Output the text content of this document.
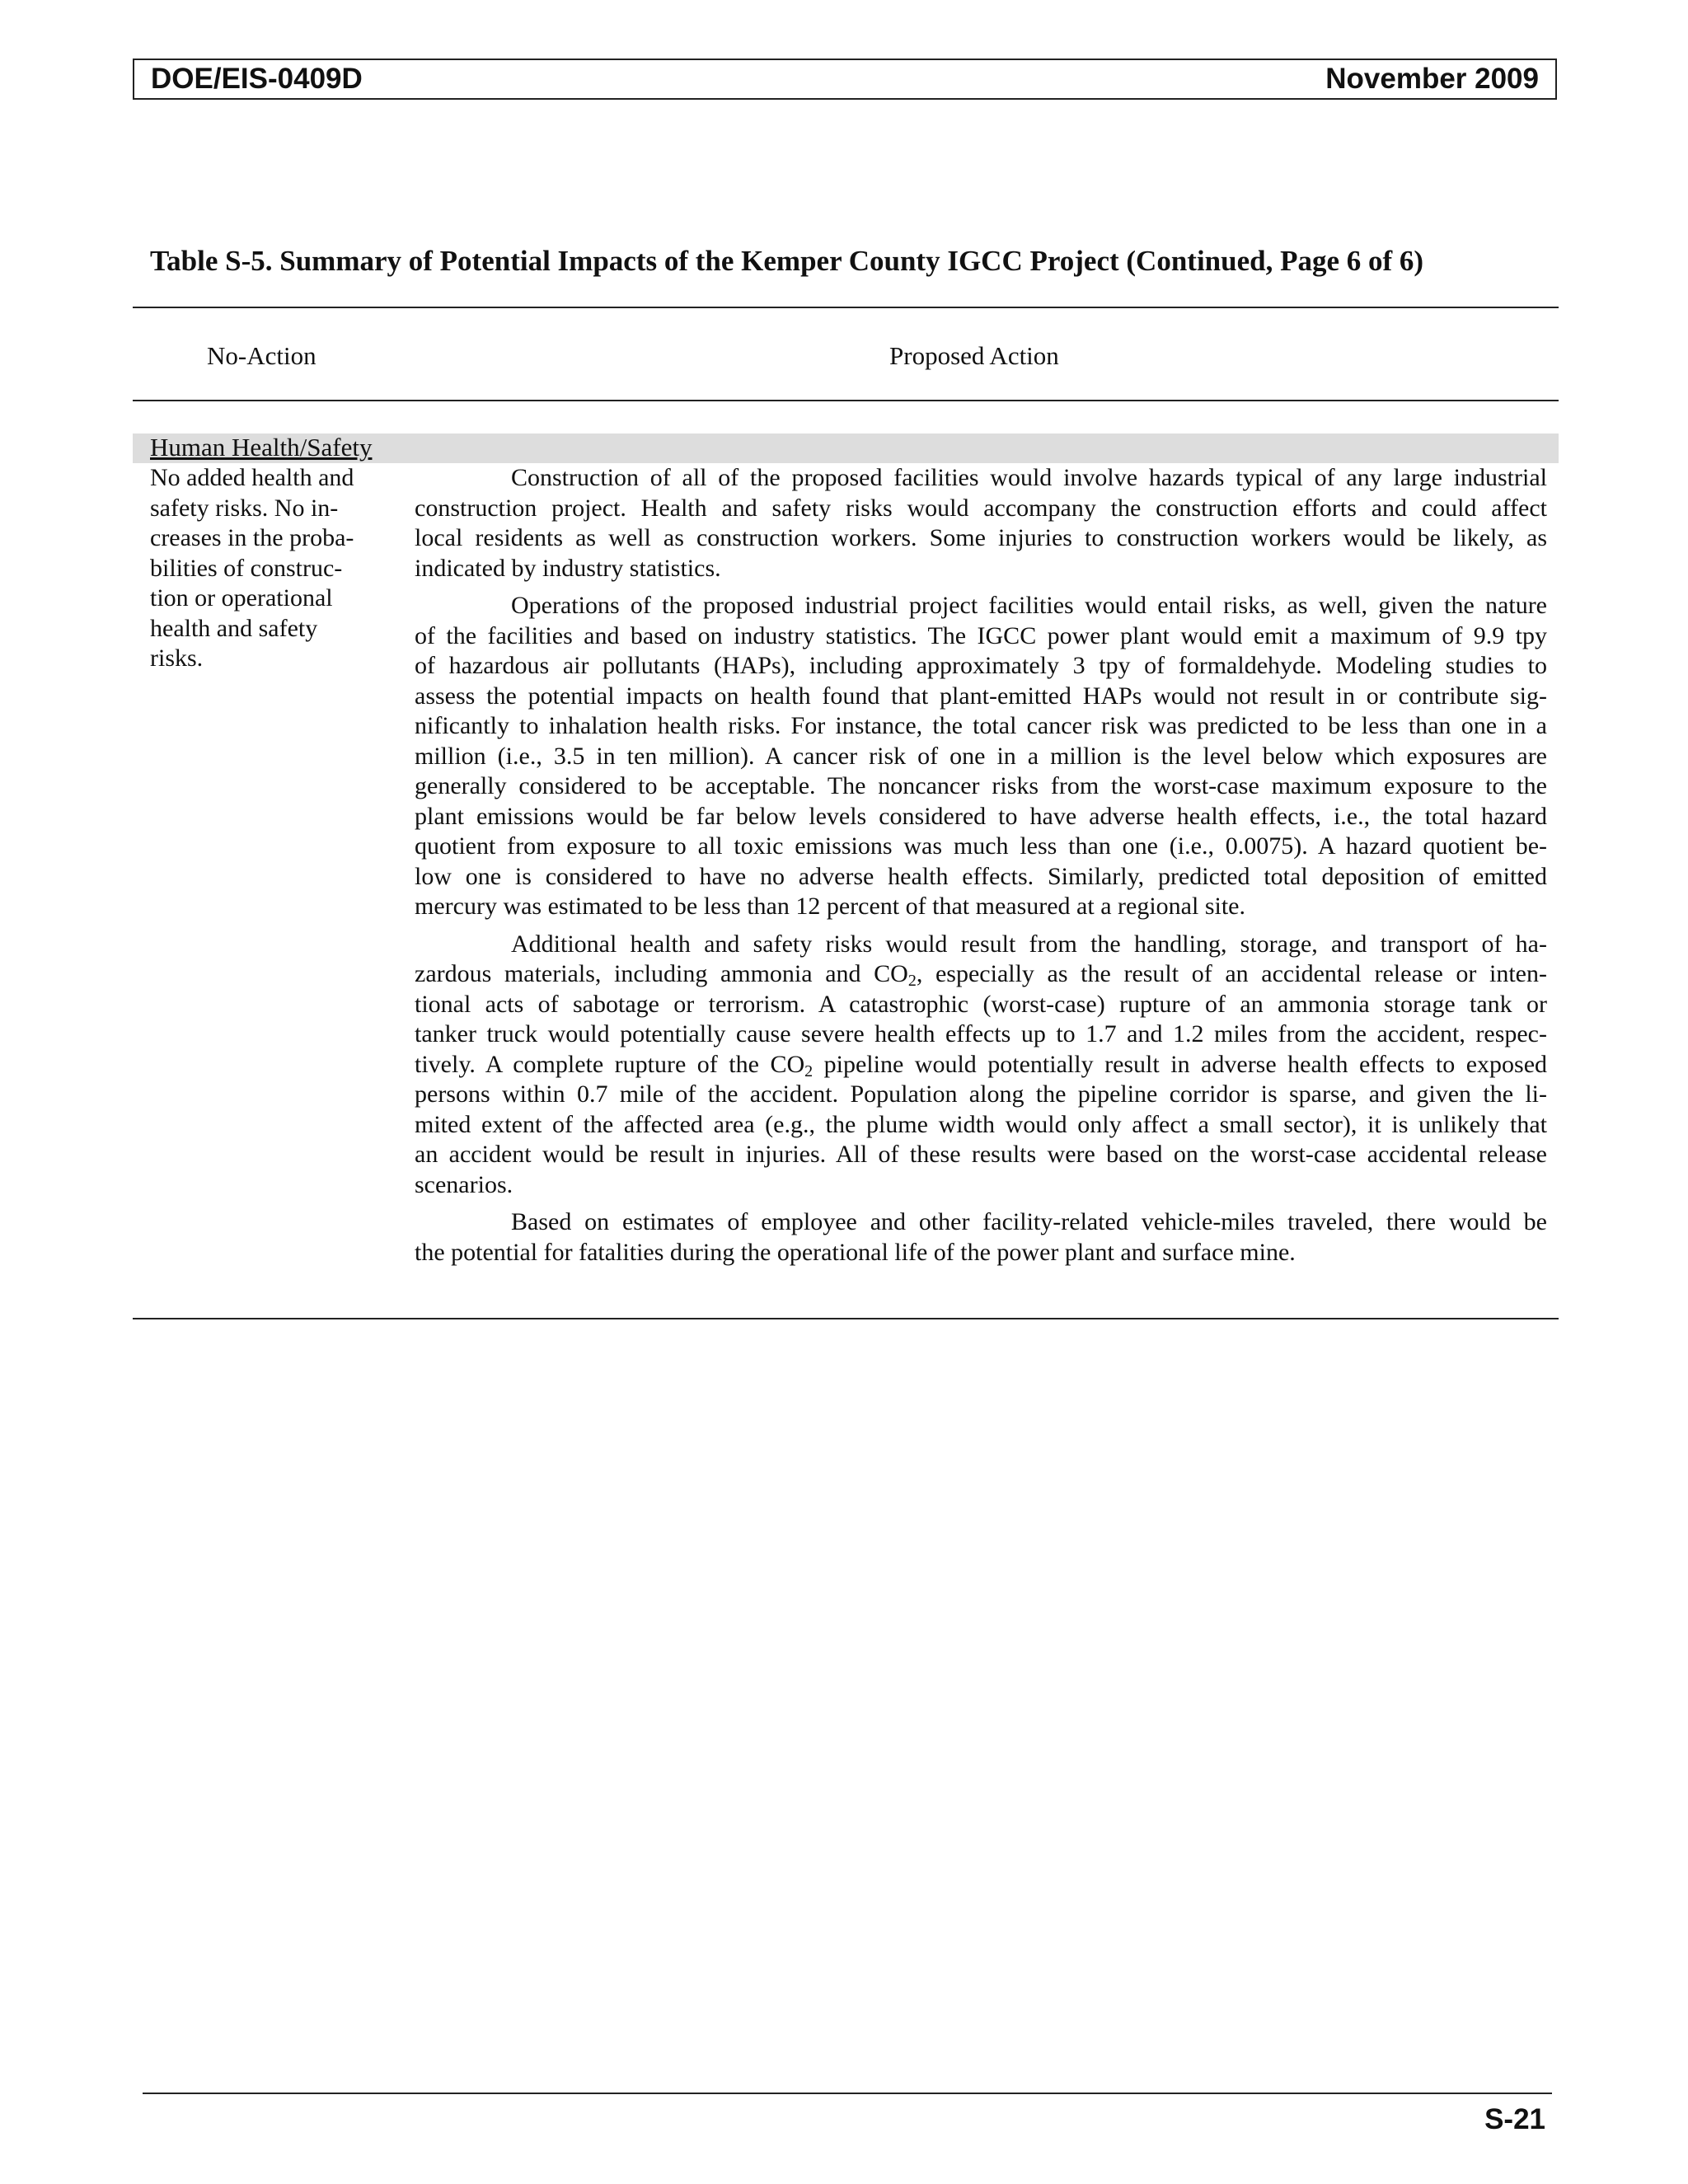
DOE/EIS-0409D	November 2009
Table S-5. Summary of Potential Impacts of the Kemper County IGCC Project (Continued, Page 6 of 6)
No-Action	Proposed Action
Human Health/Safety
No added health and
safety risks. No in-
creases in the proba-
bilities of construc-
tion or operational
health and safety
risks.

Construction of all of the proposed facilities would involve hazards typical of any large industrial
construction project. Health and safety risks would accompany the construction efforts and could affect
local residents as well as construction workers. Some injuries to construction workers would be likely, as
indicated by industry statistics.

Operations of the proposed industrial project facilities would entail risks, as well, given the nature
of the facilities and based on industry statistics. The IGCC power plant would emit a maximum of 9.9 tpy
of hazardous air pollutants (HAPs), including approximately 3 tpy of formaldehyde. Modeling studies to
assess the potential impacts on health found that plant-emitted HAPs would not result in or contribute sig-
nificantly to inhalation health risks. For instance, the total cancer risk was predicted to be less than one in a
million (i.e., 3.5 in ten million). A cancer risk of one in a million is the level below which exposures are
generally considered to be acceptable. The noncancer risks from the worst-case maximum exposure to the
plant emissions would be far below levels considered to have adverse health effects, i.e., the total hazard
quotient from exposure to all toxic emissions was much less than one (i.e., 0.0075). A hazard quotient be-
low one is considered to have no adverse health effects. Similarly, predicted total deposition of emitted
mercury was estimated to be less than 12 percent of that measured at a regional site.

Additional health and safety risks would result from the handling, storage, and transport of ha-
zardous materials, including ammonia and $CO_2$, especially as the result of an accidental release or inten-
tional acts of sabotage or terrorism. A catastrophic (worst-case) rupture of an ammonia storage tank or
tanker truck would potentially cause severe health effects up to 1.7 and 1.2 miles from the accident, respec-
tively. A complete rupture of the $CO_2$ pipeline would potentially result in adverse health effects to exposed
persons within 0.7 mile of the accident. Population along the pipeline corridor is sparse, and given the li-
mited extent of the affected area (e.g., the plume width would only affect a small sector), it is unlikely that
an accident would be result in injuries. All of these results were based on the worst-case accidental release
scenarios.

Based on estimates of employee and other facility-related vehicle-miles traveled, there would be
the potential for fatalities during the operational life of the power plant and surface mine.

S-21
